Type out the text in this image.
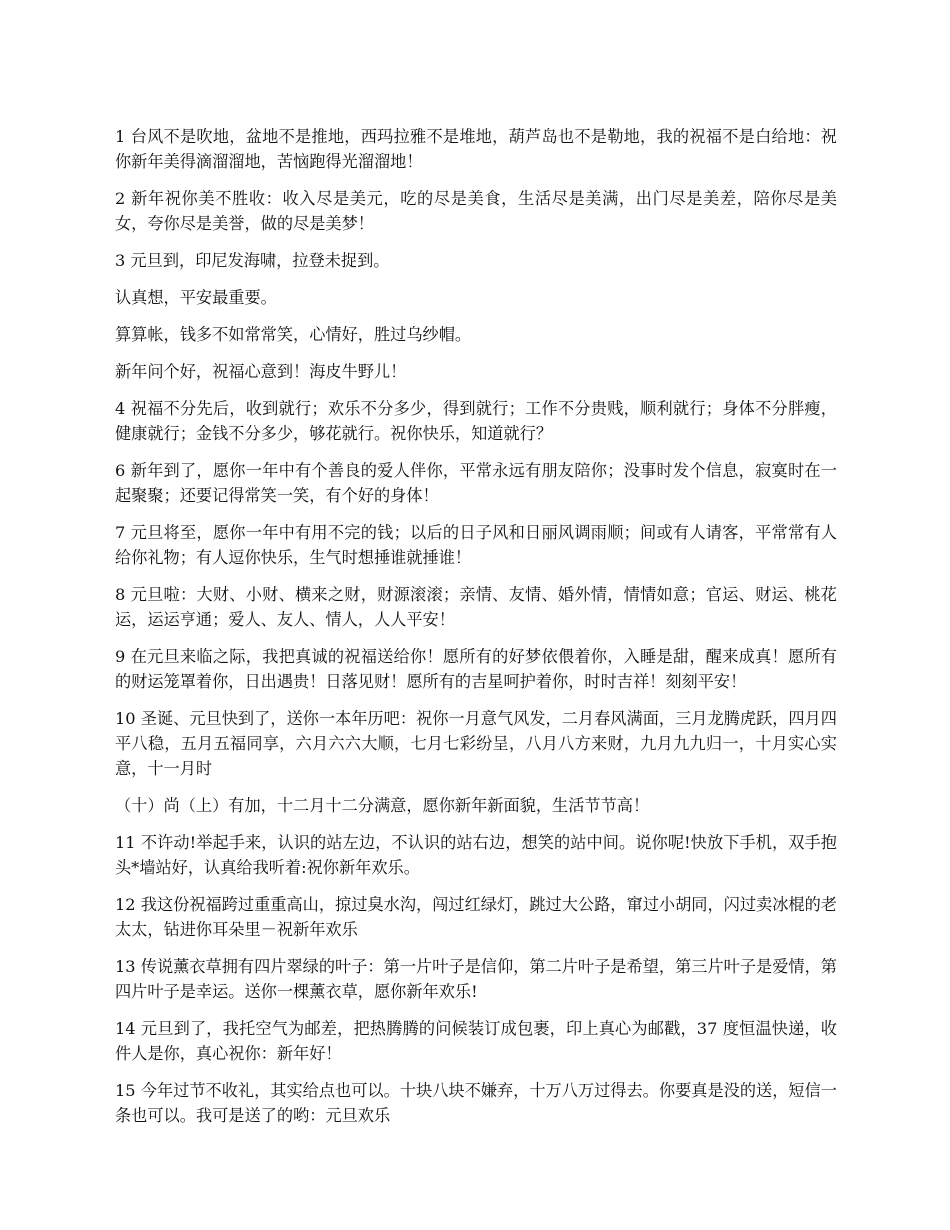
1 台风不是吹地，盆地不是推地，西玛拉雅不是堆地，葫芦岛也不是勒地，我的祝福不是白给地：祝你新年美得滴溜溜地，苦恼跑得光溜溜地！

2 新年祝你美不胜收：收入尽是美元，吃的尽是美食，生活尽是美满，出门尽是美差，陪你尽是美女，夸你尽是美誉，做的尽是美梦！

3 元旦到，印尼发海啸，拉登未捉到。

认真想，平安最重要。

算算帐，钱多不如常常笑，心情好，胜过乌纱帽。

新年问个好，祝福心意到！海皮牛野儿！

4 祝福不分先后，收到就行；欢乐不分多少，得到就行；工作不分贵贱，顺利就行；身体不分胖瘦，健康就行；金钱不分多少，够花就行。祝你快乐，知道就行？

6 新年到了，愿你一年中有个善良的爱人伴你，平常永远有朋友陪你；没事时发个信息，寂寞时在一起聚聚；还要记得常笑一笑，有个好的身体！

7 元旦将至，愿你一年中有用不完的钱；以后的日子风和日丽风调雨顺；间或有人请客，平常常有人给你礼物；有人逗你快乐，生气时想捶谁就捶谁！

8 元旦啦：大财、小财、横来之财，财源滚滚；亲情、友情、婚外情，情情如意；官运、财运、桃花运，运运亨通；爱人、友人、情人，人人平安！

9 在元旦来临之际，我把真诚的祝福送给你！愿所有的好梦依偎着你，入睡是甜，醒来成真！愿所有的财运笼罩着你，日出遇贵！日落见财！愿所有的吉星呵护着你，时时吉祥！刻刻平安！

10 圣诞、元旦快到了，送你一本年历吧：祝你一月意气风发，二月春风满面，三月龙腾虎跃，四月四平八稳，五月五福同享，六月六六大顺，七月七彩纷呈，八月八方来财，九月九九归一，十月实心实意，十一月时

（十）尚（上）有加，十二月十二分满意，愿你新年新面貌，生活节节高！

11 不许动!举起手来，认识的站左边，不认识的站右边，想笑的站中间。说你呢!快放下手机，双手抱头*墙站好，认真给我听着:祝你新年欢乐。

12 我这份祝福跨过重重高山，掠过臭水沟，闯过红绿灯，跳过大公路，窜过小胡同，闪过卖冰棍的老太太，钻进你耳朵里－祝新年欢乐

13 传说薰衣草拥有四片翠绿的叶子：第一片叶子是信仰，第二片叶子是希望，第三片叶子是爱情，第四片叶子是幸运。送你一棵薰衣草，愿你新年欢乐!

14 元旦到了，我托空气为邮差，把热腾腾的问候装订成包裹，印上真心为邮戳，37 度恒温快递，收件人是你，真心祝你：新年好！

15 今年过节不收礼，其实给点也可以。十块八块不嫌弃，十万八万过得去。你要真是没的送，短信一条也可以。我可是送了的哟：元旦欢乐
